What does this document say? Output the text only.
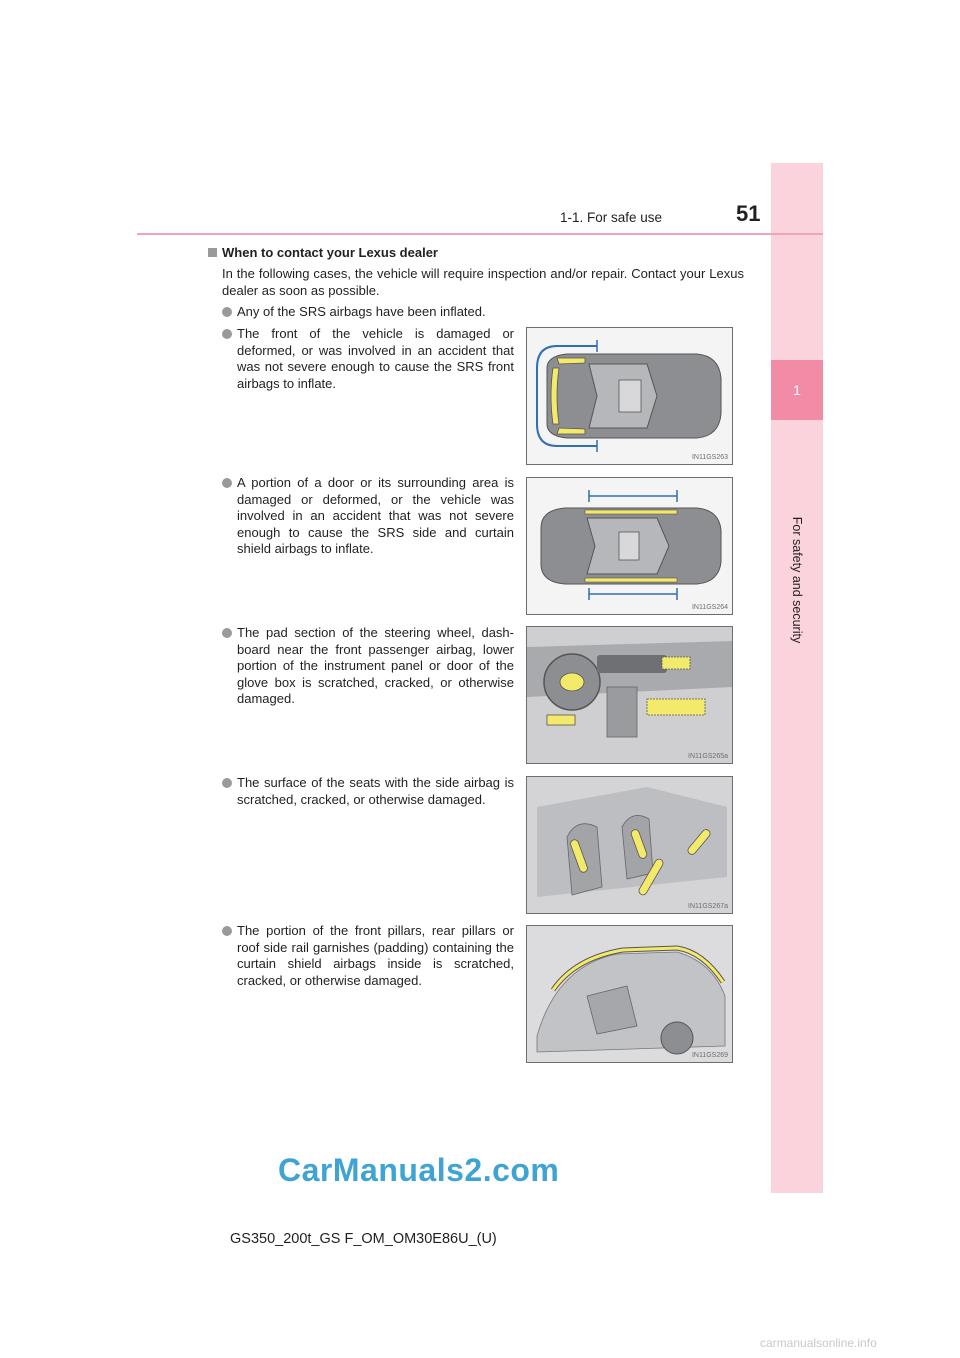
1
For safety and security
1-1. For safe use	51
When to contact your Lexus dealer
In the following cases, the vehicle will require inspection and/or repair. Contact your Lexus dealer as soon as possible.
Any of the SRS airbags have been inflated.
The front of the vehicle is damaged or deformed, or was involved in an accident that was not severe enough to cause the SRS front airbags to inflate.
IN11GS263
A portion of a door or its surrounding area is damaged or deformed, or the vehicle was involved in an accident that was not severe enough to cause the SRS side and curtain shield airbags to inflate.
IN11GS264
The pad section of the steering wheel, dash-board near the front passenger airbag, lower portion of the instrument panel or door of the glove box is scratched, cracked, or otherwise damaged.
IN11GS265a
The surface of the seats with the side airbag is scratched, cracked, or otherwise damaged.
IN11GS267a
The portion of the front pillars, rear pillars or roof side rail garnishes (padding) containing the curtain shield airbags inside is scratched, cracked, or otherwise damaged.
IN11GS269
CarManuals2.com
GS350_200t_GS F_OM_OM30E86U_(U)
carmanualsonline.info
